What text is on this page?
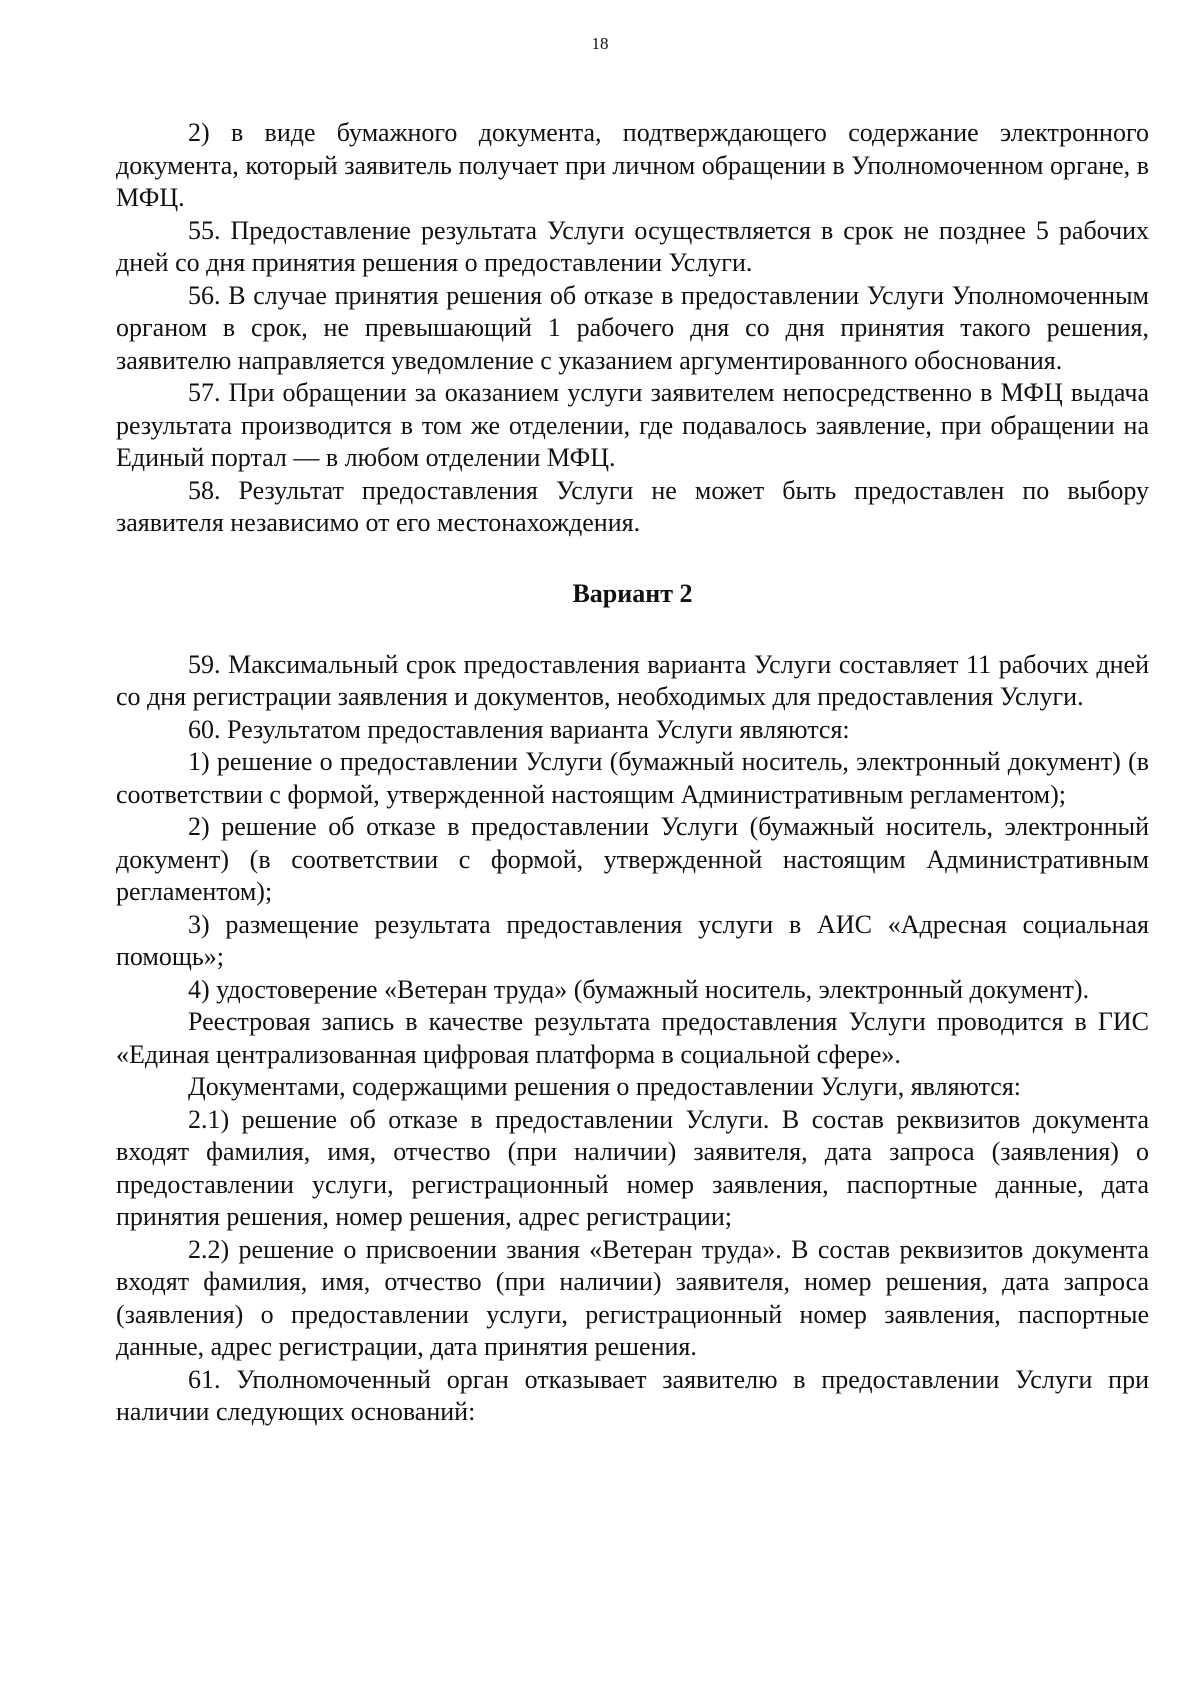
18

2) в виде бумажного документа, подтверждающего содержание электронного документа, который заявитель получает при личном обращении в Уполномоченном органе, в МФЦ.

55. Предоставление результата Услуги осуществляется в срок не позднее 5 рабочих дней со дня принятия решения о предоставлении Услуги.

56. В случае принятия решения об отказе в предоставлении Услуги Уполномоченным органом в срок, не превышающий 1 рабочего дня со дня принятия такого решения, заявителю направляется уведомление с указанием аргументированного обоснования.

57. При обращении за оказанием услуги заявителем непосредственно в МФЦ выдача результата производится в том же отделении, где подавалось заявление, при обращении на Единый портал — в любом отделении МФЦ.

58. Результат предоставления Услуги не может быть предоставлен по выбору заявителя независимо от его местонахождения.

Вариант 2

59. Максимальный срок предоставления варианта Услуги составляет 11 рабочих дней со дня регистрации заявления и документов, необходимых для предоставления Услуги.

60. Результатом предоставления варианта Услуги являются:

1) решение о предоставлении Услуги (бумажный носитель, электронный документ) (в соответствии с формой, утвержденной настоящим Административным регламентом);

2) решение об отказе в предоставлении Услуги (бумажный носитель, электронный документ) (в соответствии с формой, утвержденной настоящим Административным регламентом);

3) размещение результата предоставления услуги в АИС «Адресная социальная помощь»;

4) удостоверение «Ветеран труда» (бумажный носитель, электронный документ).

Реестровая запись в качестве результата предоставления Услуги проводится в ГИС «Единая централизованная цифровая платформа в социальной сфере».

Документами, содержащими решения о предоставлении Услуги, являются:

2.1) решение об отказе в предоставлении Услуги. В состав реквизитов документа входят фамилия, имя, отчество (при наличии) заявителя, дата запроса (заявления) о предоставлении услуги, регистрационный номер заявления, паспортные данные, дата принятия решения, номер решения, адрес регистрации;

2.2) решение о присвоении звания «Ветеран труда». В состав реквизитов документа входят фамилия, имя, отчество (при наличии) заявителя, номер решения, дата запроса (заявления) о предоставлении услуги, регистрационный номер заявления, паспортные данные, адрес регистрации, дата принятия решения.

61. Уполномоченный орган отказывает заявителю в предоставлении Услуги при наличии следующих оснований:
